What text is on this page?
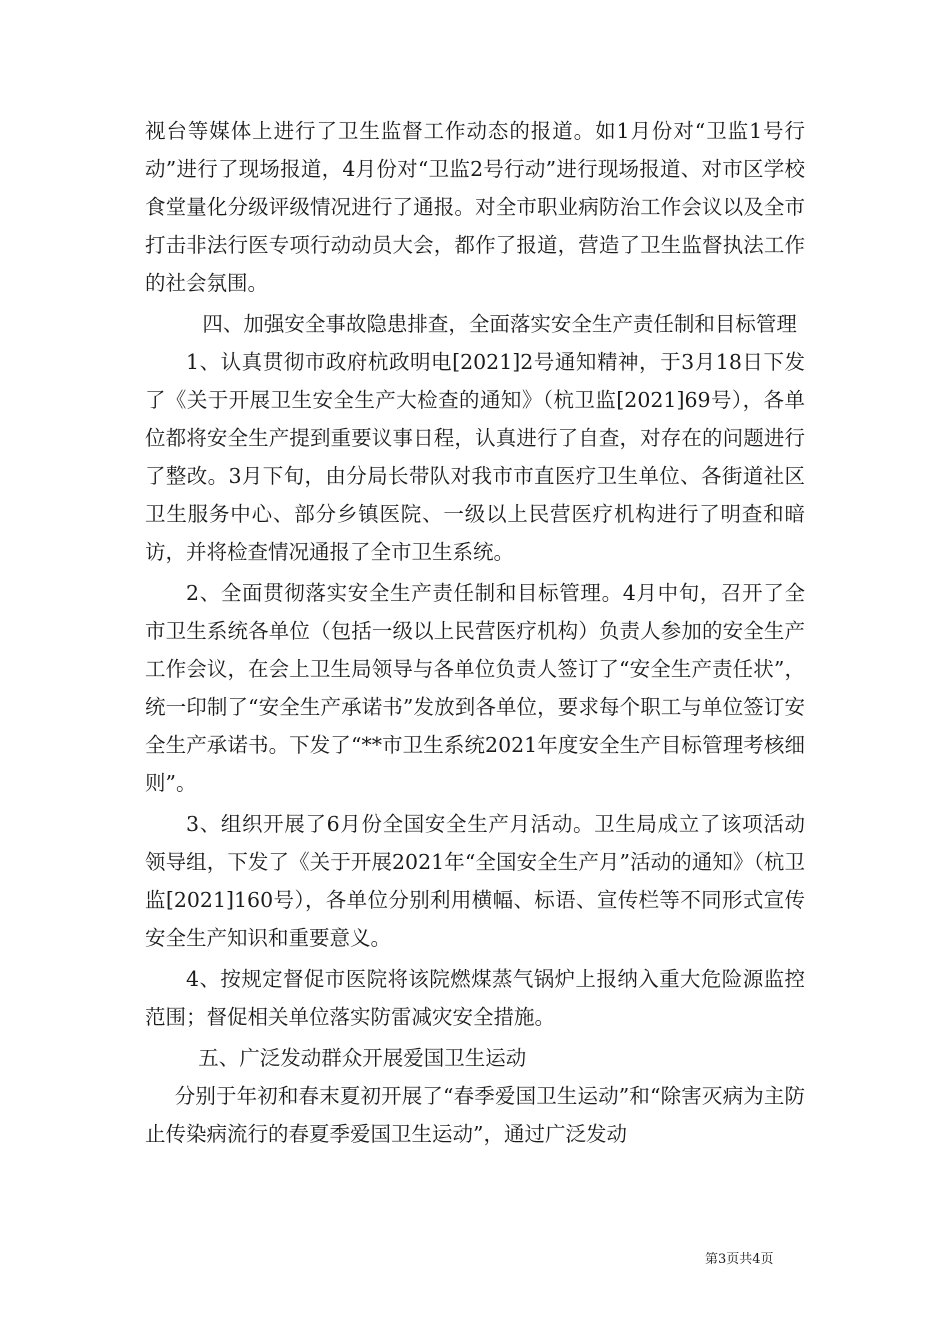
视台等媒体上进行了卫生监督工作动态的报道。如1月份对“卫监1号行动”进行了现场报道，4月份对“卫监2号行动”进行现场报道、对市区学校食堂量化分级评级情况进行了通报。对全市职业病防治工作会议以及全市打击非法行医专项行动动员大会，都作了报道，营造了卫生监督执法工作的社会氛围。

四、加强安全事故隐患排查，全面落实安全生产责任制和目标管理

1、认真贯彻市政府杭政明电[2021]2号通知精神，于3月18日下发了《关于开展卫生安全生产大检查的通知》（杭卫监[2021]69号），各单位都将安全生产提到重要议事日程，认真进行了自查，对存在的问题进行了整改。3月下旬，由分局长带队对我市市直医疗卫生单位、各街道社区卫生服务中心、部分乡镇医院、一级以上民营医疗机构进行了明查和暗访，并将检查情况通报了全市卫生系统。

2、全面贯彻落实安全生产责任制和目标管理。4月中旬，召开了全市卫生系统各单位（包括一级以上民营医疗机构）负责人参加的安全生产工作会议，在会上卫生局领导与各单位负责人签订了“安全生产责任状”，统一印制了“安全生产承诺书”发放到各单位，要求每个职工与单位签订安全生产承诺书。下发了“**市卫生系统2021年度安全生产目标管理考核细则”。

3、组织开展了6月份全国安全生产月活动。卫生局成立了该项活动领导组，下发了《关于开展2021年“全国安全生产月”活动的通知》（杭卫监[2021]160号），各单位分别利用横幅、标语、宣传栏等不同形式宣传安全生产知识和重要意义。

4、按规定督促市医院将该院燃煤蒸气锅炉上报纳入重大危险源监控范围；督促相关单位落实防雷减灾安全措施。

五、广泛发动群众开展爱国卫生运动

分别于年初和春末夏初开展了“春季爱国卫生运动”和“除害灭病为主防止传染病流行的春夏季爱国卫生运动”，通过广泛发动

第3页共4页
